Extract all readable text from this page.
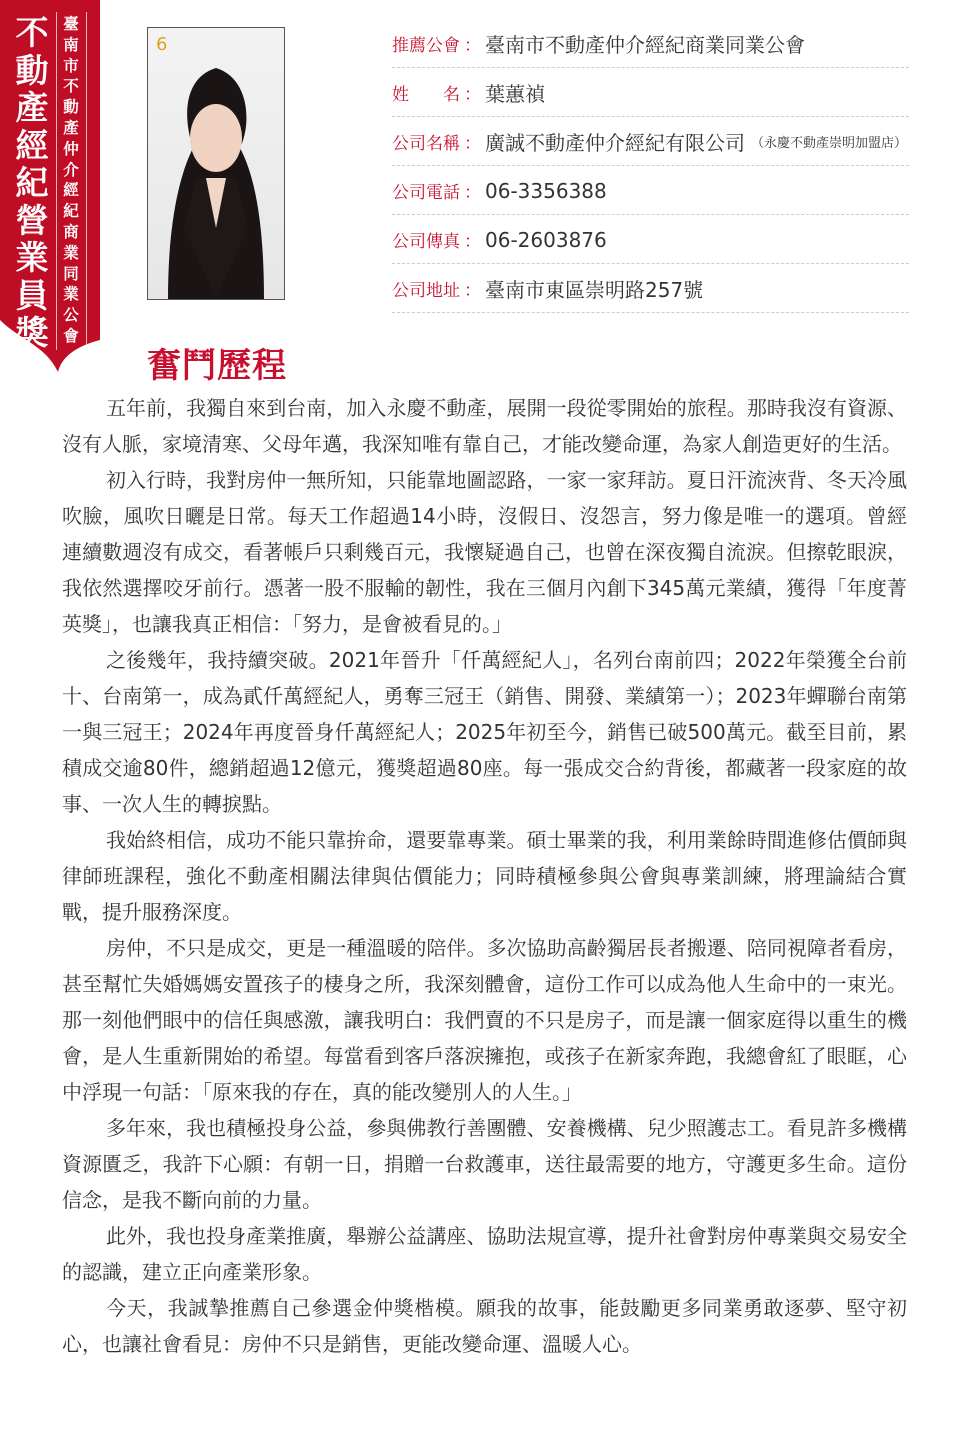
不動產經紀營業員獎
臺南市不動產仲介經紀商業同業公會
6	推薦公會 ： 臺南市不動產仲介經紀商業同業公會
姓　　名 ： 葉蕙禎
公司名稱 ： 廣誠不動產仲介經紀有限公司 （永慶不動產崇明加盟店）
公司電話 ： 06-3356388
公司傳真 ： 06-2603876
公司地址 ： 臺南市東區崇明路257號
奮鬥歷程

五年前，我獨自來到台南，加入永慶不動產，展開一段從零開始的旅程。那時我沒有資源、沒有人脈，家境清寒、父母年邁，我深知唯有靠自己，才能改變命運，為家人創造更好的生活。

初入行時，我對房仲一無所知，只能靠地圖認路，一家一家拜訪。夏日汗流浹背、冬天冷風吹臉，風吹日曬是日常。每天工作超過14小時，沒假日、沒怨言，努力像是唯一的選項。曾經連續數週沒有成交，看著帳戶只剩幾百元，我懷疑過自己，也曾在深夜獨自流淚。但擦乾眼淚，我依然選擇咬牙前行。憑著一股不服輸的韌性，我在三個月內創下345萬元業績，獲得「年度菁英獎」，也讓我真正相信：「努力，是會被看見的。」

之後幾年，我持續突破。2021年晉升「仟萬經紀人」，名列台南前四；2022年榮獲全台前十、台南第一，成為貳仟萬經紀人，勇奪三冠王（銷售、開發、業績第一）；2023年蟬聯台南第一與三冠王；2024年再度晉身仟萬經紀人；2025年初至今，銷售已破500萬元。截至目前，累積成交逾80件，總銷超過12億元，獲獎超過80座。每一張成交合約背後，都藏著一段家庭的故事、一次人生的轉捩點。

我始終相信，成功不能只靠拚命，還要靠專業。碩士畢業的我，利用業餘時間進修估價師與律師班課程，強化不動產相關法律與估價能力；同時積極參與公會與專業訓練，將理論結合實戰，提升服務深度。

房仲，不只是成交，更是一種溫暖的陪伴。多次協助高齡獨居長者搬遷、陪同視障者看房，甚至幫忙失婚媽媽安置孩子的棲身之所，我深刻體會，這份工作可以成為他人生命中的一束光。那一刻他們眼中的信任與感激，讓我明白：我們賣的不只是房子，而是讓一個家庭得以重生的機會，是人生重新開始的希望。每當看到客戶落淚擁抱，或孩子在新家奔跑，我總會紅了眼眶，心中浮現一句話：「原來我的存在，真的能改變別人的人生。」

多年來，我也積極投身公益，參與佛教行善團體、安養機構、兒少照護志工。看見許多機構資源匱乏，我許下心願：有朝一日，捐贈一台救護車，送往最需要的地方，守護更多生命。這份信念，是我不斷向前的力量。

此外，我也投身產業推廣，舉辦公益講座、協助法規宣導，提升社會對房仲專業與交易安全的認識，建立正向產業形象。

今天，我誠摯推薦自己參選金仲獎楷模。願我的故事，能鼓勵更多同業勇敢逐夢、堅守初心，也讓社會看見：房仲不只是銷售，更能改變命運、溫暖人心。
